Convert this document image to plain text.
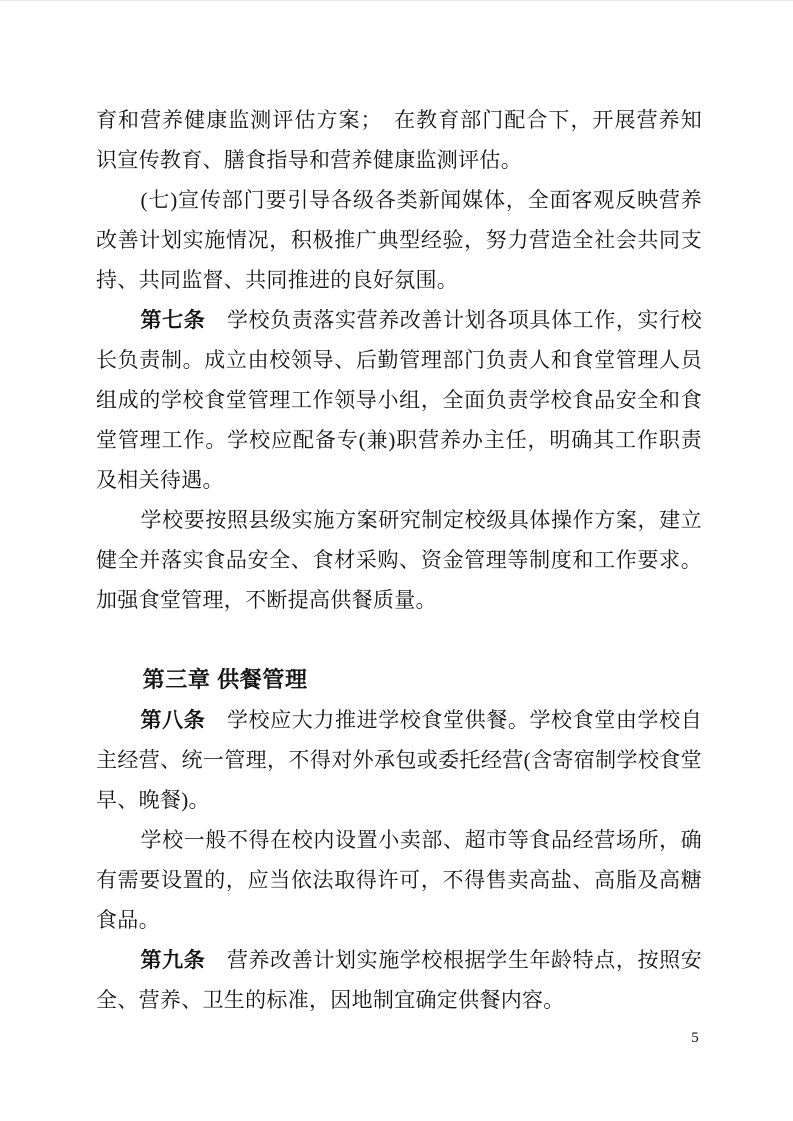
育和营养健康监测评估方案；　在教育部门配合下，开展营养知识宣传教育、膳食指导和营养健康监测评估。

(七)宣传部门要引导各级各类新闻媒体，全面客观反映营养改善计划实施情况，积极推广典型经验，努力营造全社会共同支持、共同监督、共同推进的良好氛围。

第七条　学校负责落实营养改善计划各项具体工作，实行校长负责制。成立由校领导、后勤管理部门负责人和食堂管理人员组成的学校食堂管理工作领导小组，全面负责学校食品安全和食堂管理工作。学校应配备专(兼)职营养办主任，明确其工作职责及相关待遇。

学校要按照县级实施方案研究制定校级具体操作方案，建立健全并落实食品安全、食材采购、资金管理等制度和工作要求。加强食堂管理，不断提高供餐质量。

第三章 供餐管理

第八条　学校应大力推进学校食堂供餐。学校食堂由学校自主经营、统一管理，不得对外承包或委托经营(含寄宿制学校食堂早、晚餐)。

学校一般不得在校内设置小卖部、超市等食品经营场所，确有需要设置的，应当依法取得许可，不得售卖高盐、高脂及高糖食品。

第九条　营养改善计划实施学校根据学生年龄特点，按照安全、营养、卫生的标准，因地制宜确定供餐内容。

5
